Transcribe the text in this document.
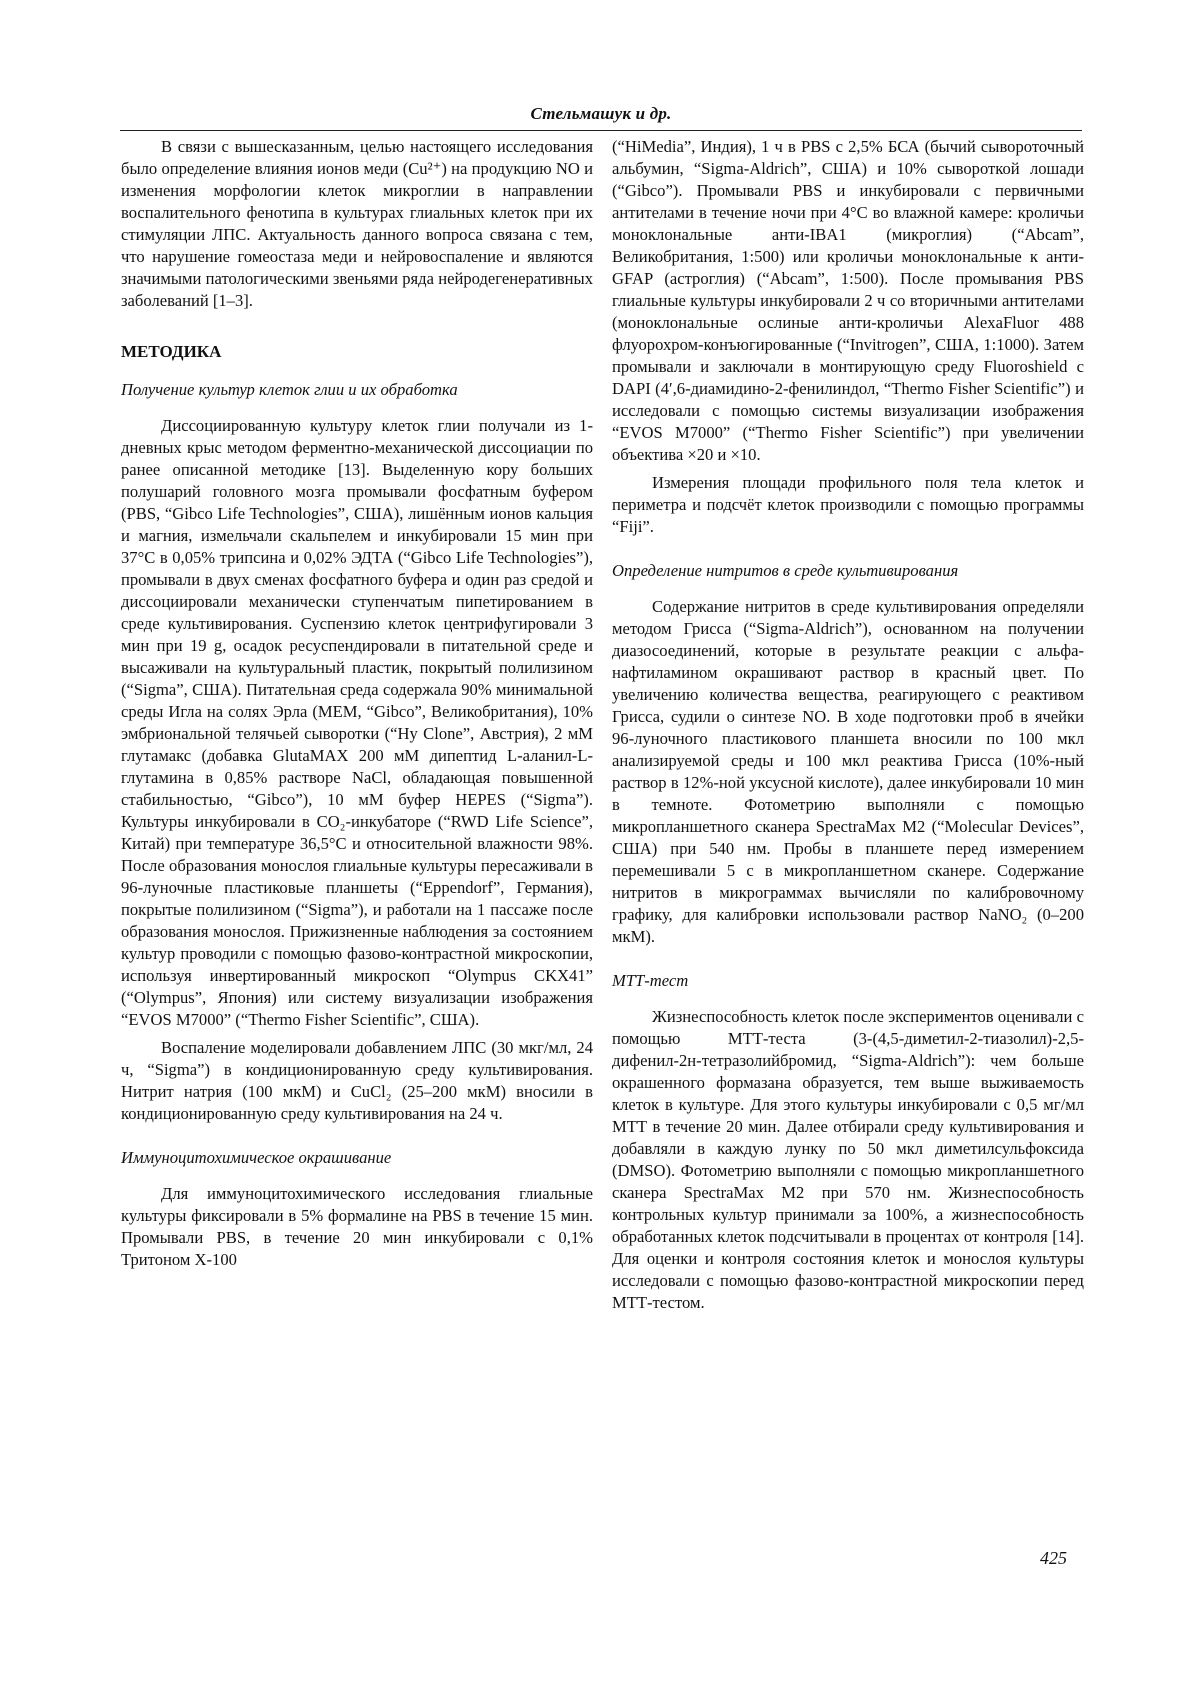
Стельмашук и др.

В связи с вышесказанным, целью настоящего исследования было определение влияния ионов меди (Cu²⁺) на продукцию NO и изменения морфологии клеток микроглии в направлении воспалительного фенотипа в культурах глиальных клеток при их стимуляции ЛПС. Актуальность данного вопроса связана с тем, что нарушение гомеостаза меди и нейровоспаление и являются значимыми патологическими звеньями ряда нейродегенеративных заболеваний [1–3].

МЕТОДИКА

Получение культур клеток глии и их обработка

Диссоциированную культуру клеток глии получали из 1-дневных крыс методом ферментно-механической диссоциации по ранее описанной методике [13]. Выделенную кору больших полушарий головного мозга промывали фосфатным буфером (PBS, “Gibco Life Technologies”, США), лишённым ионов кальция и магния, измельчали скальпелем и инкубировали 15 мин при 37°C в 0,05% трипсина и 0,02% ЭДТА (“Gibco Life Technologies”), промывали в двух сменах фосфатного буфера и один раз средой и диссоциировали механически ступенчатым пипетированием в среде культивирования. Суспензию клеток центрифугировали 3 мин при 19 g, осадок ресуспендировали в питательной среде и высаживали на культуральный пластик, покрытый полилизином (“Sigma”, США). Питательная среда содержала 90% минимальной среды Игла на солях Эрла (MEM, “Gibco”, Великобритания), 10% эмбриональной телячьей сыворотки (“Hy Clone”, Австрия), 2 мМ глутамакс (добавка GlutaMAX 200 мМ дипептид L-аланил-L-глутамина в 0,85% растворе NaCl, обладающая повышенной стабильностью, “Gibco”), 10 мМ буфер HEPES (“Sigma”). Культуры инкубировали в CO₂-инкубаторе (“RWD Life Science”, Китай) при температуре 36,5°C и относительной влажности 98%. После образования монослоя глиальные культуры пересаживали в 96-луночные пластиковые планшеты (“Eppendorf”, Германия), покрытые полилизином (“Sigma”), и работали на 1 пассаже после образования монослоя. Прижизненные наблюдения за состоянием культур проводили с помощью фазово-контрастной микроскопии, используя инвертированный микроскоп “Olympus CKX41” (“Olympus”, Япония) или систему визуализации изображения “EVOS M7000” (“Thermo Fisher Scientific”, США).

Воспаление моделировали добавлением ЛПС (30 мкг/мл, 24 ч, “Sigma”) в кондиционированную среду культивирования. Нитрит натрия (100 мкМ) и CuCl₂ (25–200 мкМ) вносили в кондиционированную среду культивирования на 24 ч.

Иммуноцитохимическое окрашивание

Для иммуноцитохимического исследования глиальные культуры фиксировали в 5% формалине на PBS в течение 15 мин. Промывали PBS, в течение 20 мин инкубировали с 0,1% Тритоном X-100

(“HiMedia”, Индия), 1 ч в PBS с 2,5% БСА (бычий сывороточный альбумин, “Sigma-Aldrich”, США) и 10% сывороткой лошади (“Gibco”). Промывали PBS и инкубировали с первичными антителами в течение ночи при 4°C во влажной камере: кроличьи моноклональные анти-IBA1 (микроглия) (“Abcam”, Великобритания, 1:500) или кроличьи моноклональные к анти-GFAP (астроглия) (“Abcam”, 1:500). После промывания PBS глиальные культуры инкубировали 2 ч со вторичными антителами (моноклональные ослиные анти-кроличьи AlexaFluor 488 флуорохром-конъюгированные (“Invitrogen”, США, 1:1000). Затем промывали и заключали в монтирующую среду Fluoroshield с DAPI (4′,6-диамидино-2-фенилиндол, “Thermo Fisher Scientific”) и исследовали с помощью системы визуализации изображения “EVOS M7000” (“Thermo Fisher Scientific”) при увеличении объектива ×20 и ×10.

Измерения площади профильного поля тела клеток и периметра и подсчёт клеток производили с помощью программы “Fiji”.

Определение нитритов в среде культивирования

Содержание нитритов в среде культивирования определяли методом Грисса (“Sigma-Aldrich”), основанном на получении диазосоединений, которые в результате реакции с альфа-нафтиламином окрашивают раствор в красный цвет. По увеличению количества вещества, реагирующего с реактивом Грисса, судили о синтезе NO. В ходе подготовки проб в ячейки 96-луночного пластикового планшета вносили по 100 мкл анализируемой среды и 100 мкл реактива Грисса (10%-ный раствор в 12%-ной уксусной кислоте), далее инкубировали 10 мин в темноте. Фотометрию выполняли с помощью микропланшетного сканера SpectraMax M2 (“Molecular Devices”, США) при 540 нм. Пробы в планшете перед измерением перемешивали 5 с в микропланшетном сканере. Содержание нитритов в микрограммах вычисляли по калибровочному графику, для калибровки использовали раствор NaNO₂ (0–200 мкМ).

МТТ-тест

Жизнеспособность клеток после экспериментов оценивали с помощью МТТ-теста (3-(4,5-диметил-2-тиазолил)-2,5-дифенил-2н-тетразолийбромид, “Sigma-Aldrich”): чем больше окрашенного формазана образуется, тем выше выживаемость клеток в культуре. Для этого культуры инкубировали с 0,5 мг/мл МТТ в течение 20 мин. Далее отбирали среду культивирования и добавляли в каждую лунку по 50 мкл диметилсульфоксида (DMSO). Фотометрию выполняли с помощью микропланшетного сканера SpectraMax M2 при 570 нм. Жизнеспособность контрольных культур принимали за 100%, а жизнеспособность обработанных клеток подсчитывали в процентах от контроля [14]. Для оценки и контроля состояния клеток и монослоя культуры исследовали с помощью фазово-контрастной микроскопии перед МТТ-тестом.

425
